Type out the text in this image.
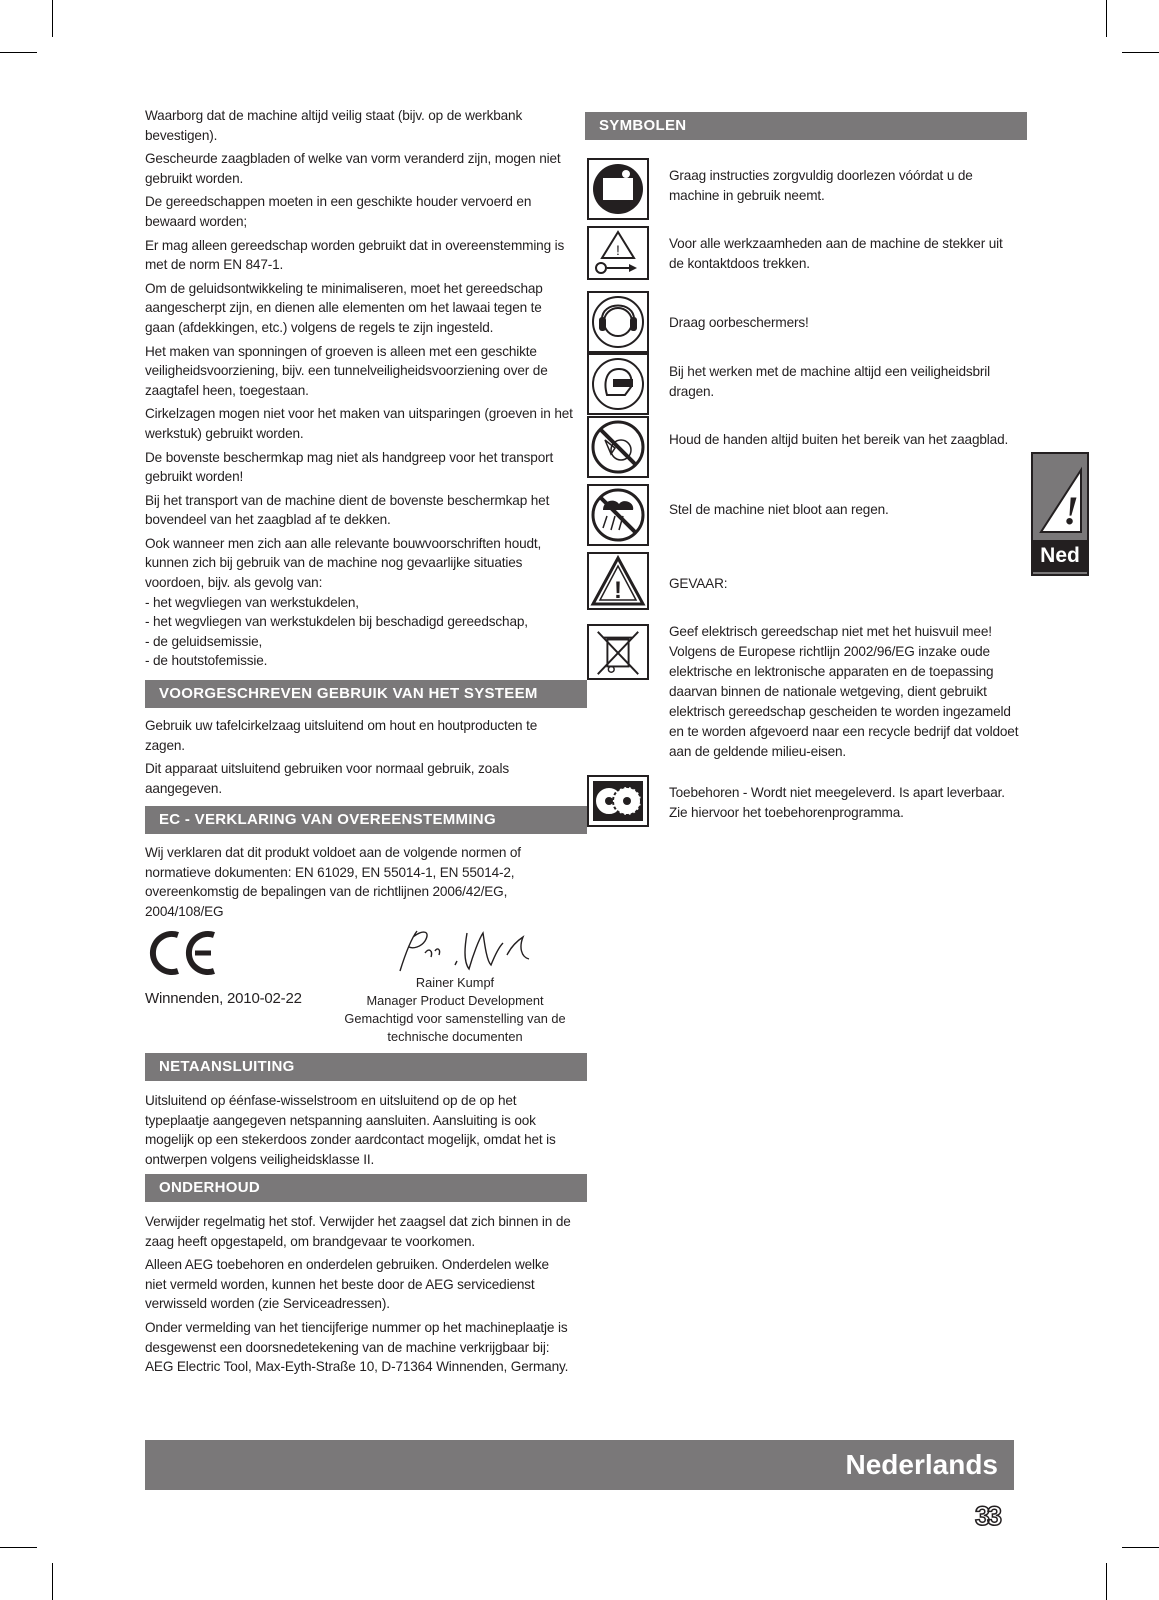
Waarborg dat de machine altijd veilig staat (bijv. op de werkbank bevestigen).

Gescheurde zaagbladen of welke van vorm veranderd zijn, mogen niet gebruikt worden.

De gereedschappen moeten in een geschikte houder vervoerd en bewaard worden;

Er mag alleen gereedschap worden gebruikt dat in overeenstemming is met de norm EN 847-1.

Om de geluidsontwikkeling te minimaliseren, moet het gereedschap aangescherpt zijn, en dienen alle elementen om het lawaai tegen te gaan (afdekkingen, etc.) volgens de regels te zijn ingesteld.

Het maken van sponningen of groeven is alleen met een geschikte veiligheidsvoorziening, bijv. een tunnelveiligheidsvoorziening over de zaagtafel heen, toegestaan.

Cirkelzagen mogen niet voor het maken van uitsparingen (groeven in het werkstuk) gebruikt worden.

De bovenste beschermkap mag niet als handgreep voor het transport gebruikt worden!

Bij het transport van de machine dient de bovenste beschermkap het bovendeel van het zaagblad af te dekken.

Ook wanneer men zich aan alle relevante bouwvoorschriften houdt, kunnen zich bij gebruik van de machine nog gevaarlijke situaties voordoen, bijv. als gevolg van:

- het wegvliegen van werkstukdelen,

- het wegvliegen van werkstukdelen bij beschadigd gereedschap,

- de geluidsemissie,

- de houtstofemissie.

VOORGESCHREVEN GEBRUIK VAN HET SYSTEEM

Gebruik uw tafelcirkelzaag uitsluitend om hout en houtproducten te zagen.

Dit apparaat uitsluitend gebruiken voor normaal gebruik, zoals aangegeven.

EC - VERKLARING VAN OVEREENSTEMMING

Wij verklaren dat dit produkt voldoet aan de volgende normen of normatieve dokumenten: EN 61029, EN 55014-1, EN 55014-2, overeenkomstig de bepalingen van de richtlijnen 2006/42/EG, 2004/108/EG

Winnenden, 2010-02-22
Rainer Kumpf
Manager Product Development
Gemachtigd voor samenstelling van de technische documenten
NETAANSLUITING

Uitsluitend op éénfase-wisselstroom en uitsluitend op de op het typeplaatje aangegeven netspanning aansluiten. Aansluiting is ook mogelijk op een stekerdoos zonder aardcontact mogelijk, omdat het is ontwerpen volgens veiligheidsklasse II.

ONDERHOUD

Verwijder regelmatig het stof. Verwijder het zaagsel dat zich binnen in de zaag heeft opgestapeld, om brandgevaar te voorkomen.

Alleen AEG toebehoren en onderdelen gebruiken. Onderdelen welke niet vermeld worden, kunnen het beste door de AEG servicedienst verwisseld worden (zie Serviceadressen).

Onder vermelding van het tiencijferige nummer op het machineplaatje is desgewenst een doorsnedetekening van de machine verkrijgbaar bij: AEG Electric Tool, Max-Eyth-Straße 10, D-71364 Winnenden, Germany.

SYMBOLEN
Graag instructies zorgvuldig doorlezen vóórdat u de machine in gebruik neemt.
!	Voor alle werkzaamheden aan de machine de stekker uit de kontaktdoos trekken.
Draag oorbeschermers!
Bij het werken met de machine altijd een veiligheidsbril dragen.
Houd de handen altijd buiten het bereik van het zaagblad.
Stel de machine niet bloot aan regen.
!	GEVAAR:
Geef elektrisch gereedschap niet met het huisvuil mee! Volgens de Europese richtlijn 2002/96/EG inzake oude elektrische en lektronische apparaten en de toepassing daarvan binnen de nationale wetgeving, dient gebruikt elektrisch gereedschap gescheiden te worden ingezameld en te worden afgevoerd naar een recycle bedrijf dat voldoet aan de geldende milieu-eisen.
Toebehoren - Wordt niet meegeleverd. Is apart leverbaar. Zie hiervoor het toebehorenprogramma.
!
Ned
Nederlands
33
